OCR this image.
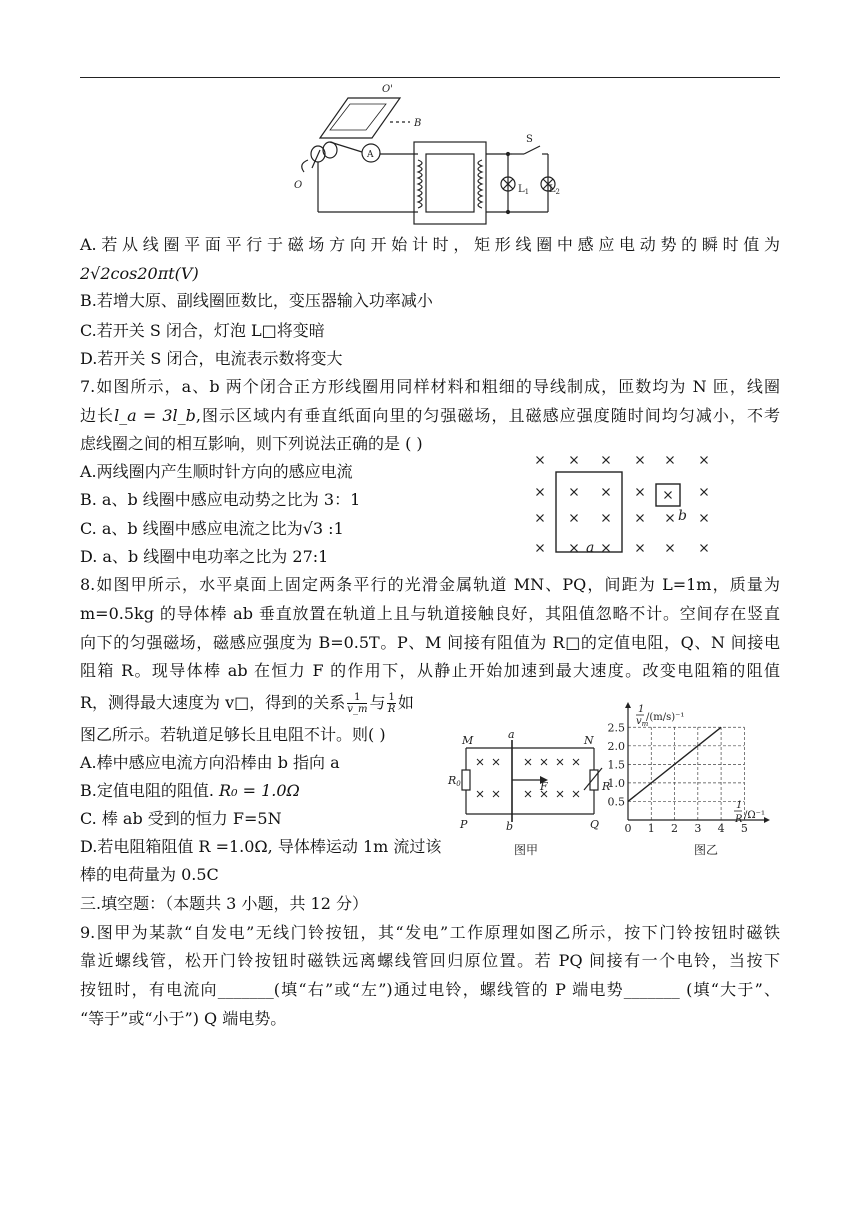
O'
B
O
A
S
$L_1$ $L_2$
A.若从线圈平面平行于磁场方向开始计时，矩形线圈中感应电动势的瞬时值为
2√2cos20πt(V)
B.若增大原、副线圈匝数比，变压器输入功率减小
C.若开关 S 闭合，灯泡 L□将变暗
D.若开关 S 闭合，电流表示数将变大
7.如图所示，a、b 两个闭合正方形线圈用同样材料和粗细的导线制成，匝数均为 N 匝，线圈
边长l_a = 3l_b,图示区域内有垂直纸面向里的匀强磁场，且磁感应强度随时间均匀减小，不考
虑线圈之间的相互影响，则下列说法正确的是 ( )
A.两线圈内产生顺时针方向的感应电流
B. a、b 线圈中感应电动势之比为 3：1
C. a、b 线圈中感应电流之比为√3 :1
D. a、b 线圈中电功率之比为 27:1	a
b
8.如图甲所示，水平桌面上固定两条平行的光滑金属轨道 MN、PQ，间距为 L=1m，质量为
m=0.5kg 的导体棒 ab 垂直放置在轨道上且与轨道接触良好，其阻值忽略不计。空间存在竖直
向下的匀强磁场，磁感应强度为 B=0.5T。P、M 间接有阻值为 R□的定值电阻，Q、N 间接电
阻箱 R。现导体棒 ab 在恒力 F 的作用下，从静止开始加速到最大速度。改变电阻箱的阻值
R，测得最大速度为 v□，得到的关系 $\frac{1}{v\_m}$ 与 $\frac{1}{R}$ 如
图乙所示。若轨道足够长且电阻不计。则( )
A.棒中感应电流方向沿棒由 b 指向 a
B.定值电阻的阻值. R₀ = 1.0Ω
C. 棒 ab 受到的恒力 F=5N
D.若电阻箱阻值 R =1.0Ω, 导体棒运动 1m 流过该
棒的电荷量为 0.5C
M	a	N
R0	F	R
P	b	Q
图甲
0.5
1.0
1.5
2.0
2.5
0 1 2 3 4 5
1
$v_m$
/(m/s)⁻¹
1
R /Ω⁻¹
图乙
三.填空题：（本题共 3 小题，共 12 分）
9.图甲为某款“自发电”无线门铃按钮，其“发电”工作原理如图乙所示，按下门铃按钮时磁铁
靠近螺线管，松开门铃按钮时磁铁远离螺线管回归原位置。若 PQ 间接有一个电铃，当按下
按钮时，有电流向_______(填“右”或“左”)通过电铃，螺线管的 P 端电势_______ (填“大于”、
“等于”或“小于”) Q 端电势。
